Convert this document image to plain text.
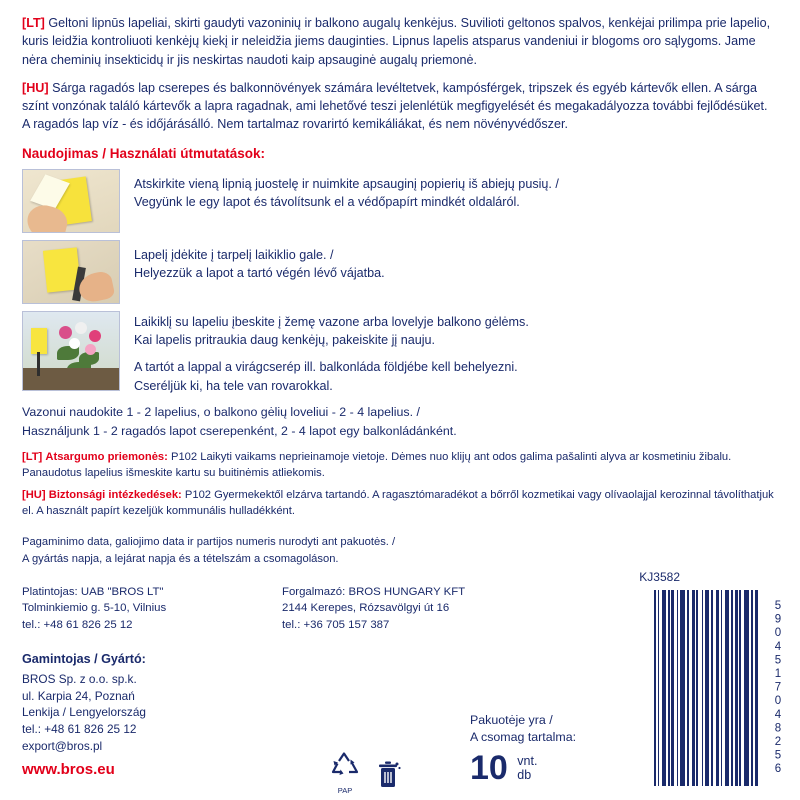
[LT] Geltoni lipnūs lapeliai, skirti gaudyti vazoninių ir balkono augalų kenkėjus. Suvilioti geltonos spalvos, kenkėjai prilimpa prie lapelio, kuris leidžia kontroliuoti kenkėjų kiekį ir neleidžia jiems dauginties. Lipnus lapelis atsparus vandeniui ir blogoms oro sąlygoms. Jame nėra cheminių insekticidų ir jis neskirtas naudoti kaip apsauginė augalų priemonė.

[HU] Sárga ragadós lap cserepes és balkonnövények számára levéltetvek, kampósférgek, tripszek és egyéb kártevők ellen. A sárga színt vonzónak találó kártevők a lapra ragadnak, ami lehetővé teszi jelenlétük megfigyelését és megakadályozza további fejlődésüket. A ragadós lap víz - és időjárásálló. Nem tartalmaz rovarirtó kemikáliákat, és nem növényvédőszer.

Naudojimas / Használati útmutatások:
Atskirkite vieną lipnią juostelę ir nuimkite apsauginį popierių iš abiejų pusių. /
Vegyünk le egy lapot és távolítsunk el a védőpapírt mindkét oldaláról.
Lapelį įdėkite į tarpelį laikiklio gale. /
Helyezzük a lapot a tartó végén lévő vájatba.
Laikiklį su lapeliu įbeskite į žemę vazone arba lovelyje balkono gėlėms.
Kai lapelis pritraukia daug kenkėjų, pakeiskite jį nauju.
A tartót a lappal a virágcserép ill. balkonláda földjébe kell behelyezni.
Cseréljük ki, ha tele van rovarokkal.
Vazonui naudokite 1 - 2 lapelius, o balkono gėlių loveliui - 2 - 4 lapelius. /
Használjunk 1 - 2 ragadós lapot cserepenként, 2 - 4 lapot egy balkonládánként.
[LT] Atsargumo priemonės: P102 Laikyti vaikams neprieinamoje vietoje. Dėmes nuo klijų ant odos galima pašalinti alyva ar kosmetiniu žibalu. Panaudotus lapelius išmeskite kartu su buitinėmis atliekomis.
[HU] Biztonsági intézkedések: P102 Gyermekektől elzárva tartandó. A ragasztómaradékot a bőrről kozmetikai vagy olívaolajjal kerozinnal távolíthatjuk el. A használt papírt kezeljük kommunális hulladékként.
Pagaminimo data, galiojimo data ir partijos numeris nurodyti ant pakuotės. /
A gyártás napja, a lejárat napja és a tételszám a csomagoláson.
KJ3582
Platintojas: UAB "BROS LT"
Tolminkiemio g. 5-10, Vilnius
tel.: +48 61 826 25 12
Forgalmazó: BROS HUNGARY KFT
2144 Kerepes, Rózsavölgyi út 16
tel.: +36 705 157 387
Gamintojas / Gyártó:
BROS Sp. z o.o. sp.k.
ul. Karpia 24, Poznań
Lenkija / Lengyelország
tel.: +48 61 826 25 12
export@bros.pl
www.bros.eu
PAP
Pakuotėje yra /
A csomag tartalma:
10 vnt.
db	5904517048256
